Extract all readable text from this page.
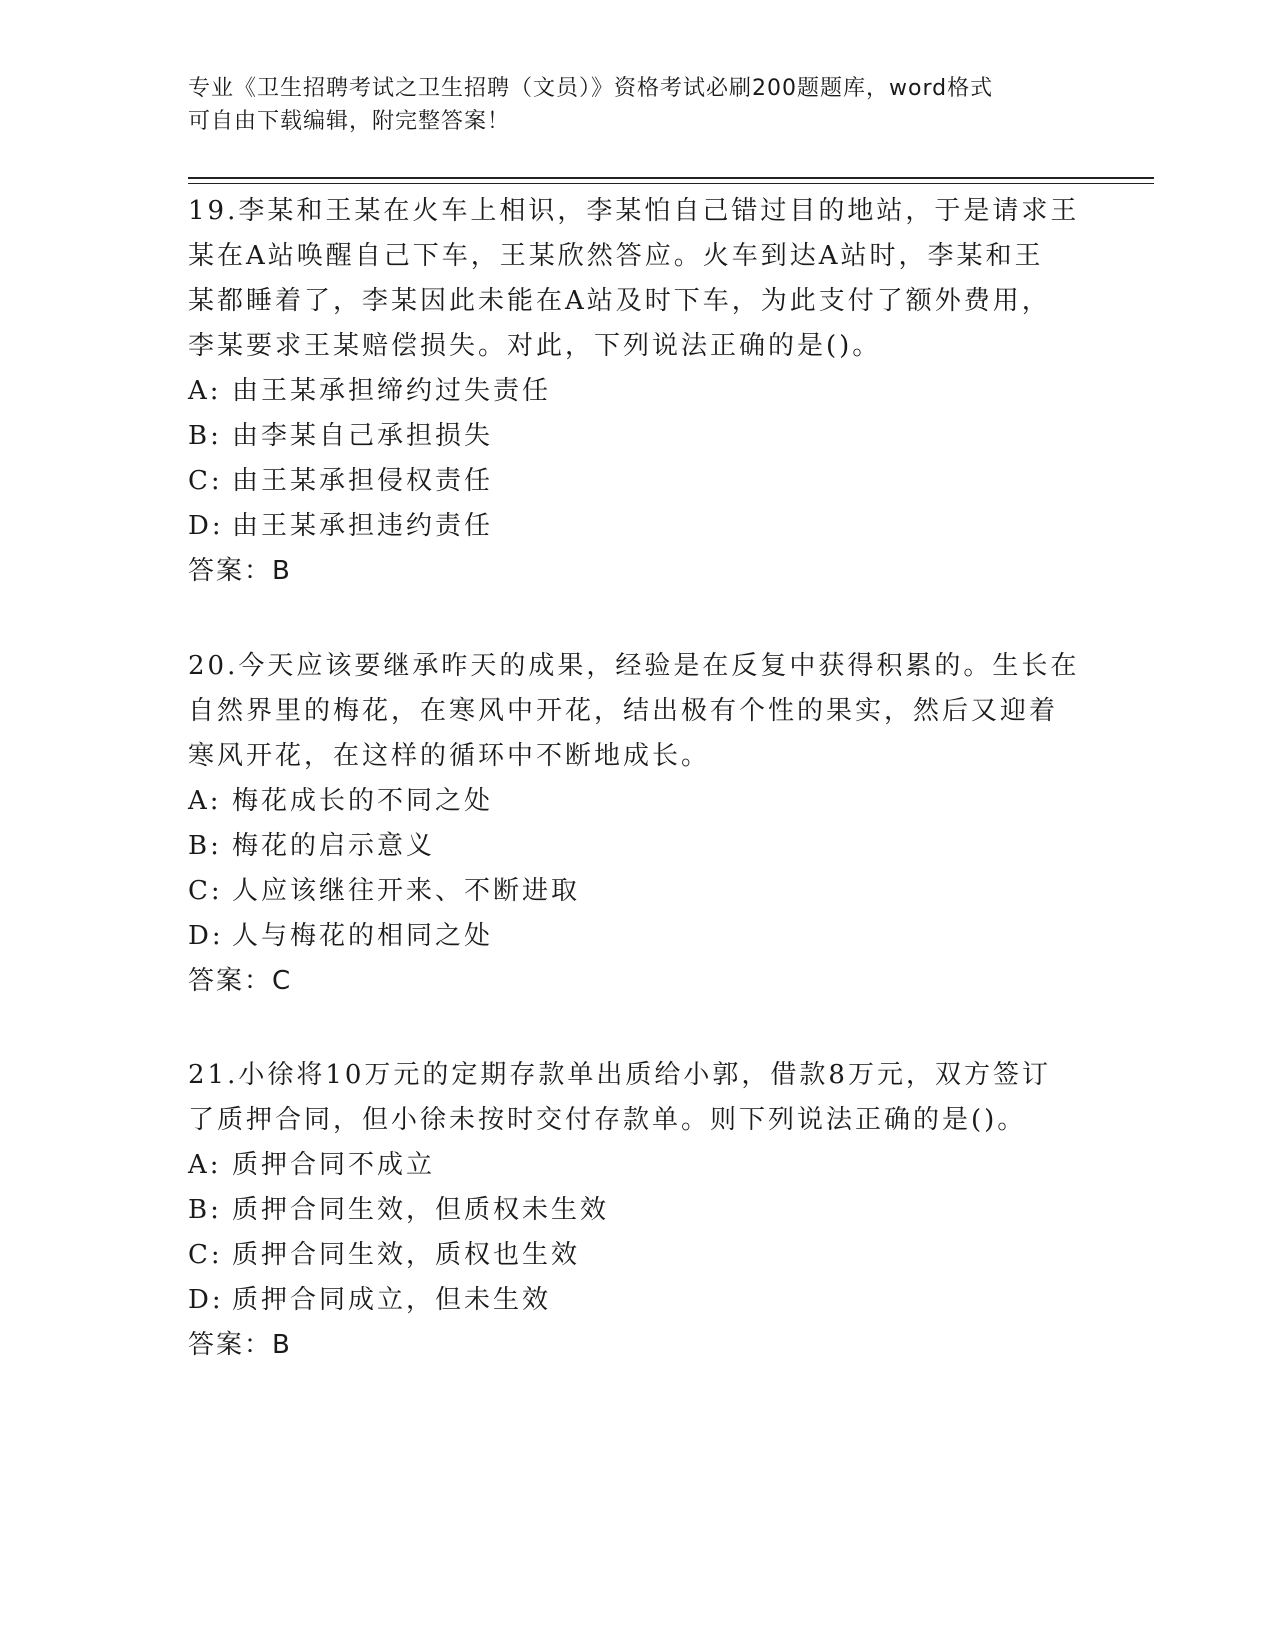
专业《卫生招聘考试之卫生招聘（文员）》资格考试必刷200题题库，word格式
可自由下载编辑，附完整答案！

19.李某和王某在火车上相识，李某怕自己错过目的地站，于是请求王

某在A站唤醒自己下车，王某欣然答应。火车到达A站时，李某和王

某都睡着了，李某因此未能在A站及时下车，为此支付了额外费用，

李某要求王某赔偿损失。对此，下列说法正确的是()。

A: 由王某承担缔约过失责任

B: 由李某自己承担损失

C: 由王某承担侵权责任

D: 由王某承担违约责任

答案：B

20.今天应该要继承昨天的成果，经验是在反复中获得积累的。生长在

自然界里的梅花，在寒风中开花，结出极有个性的果实，然后又迎着

寒风开花，在这样的循环中不断地成长。

A: 梅花成长的不同之处

B: 梅花的启示意义

C: 人应该继往开来、不断进取

D: 人与梅花的相同之处

答案：C

21.小徐将10万元的定期存款单出质给小郭，借款8万元，双方签订

了质押合同，但小徐未按时交付存款单。则下列说法正确的是()。

A: 质押合同不成立

B: 质押合同生效，但质权未生效

C: 质押合同生效，质权也生效

D: 质押合同成立，但未生效

答案：B
